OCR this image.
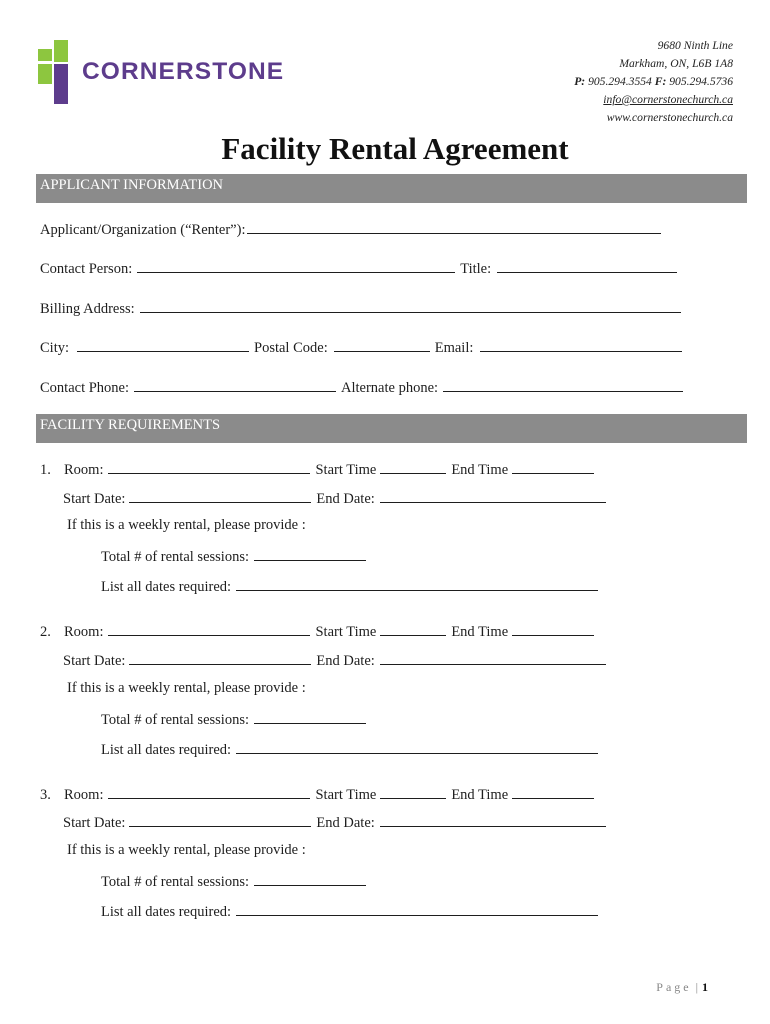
CORNERSTONE
9680 Ninth Line
Markham, ON, L6B 1A8
P: 905.294.3554 F: 905.294.5736
info@cornerstonechurch.ca
www.cornerstonechurch.ca
Facility Rental Agreement
APPLICANT INFORMATION
Applicant/Organization (“Renter”):
Contact Person:	Title:
Billing Address:
City:	Postal Code:	Email:
Contact Phone:	Alternate phone:
FACILITY REQUIREMENTS
1. Room:	Start Time	End Time
Start Date:	End Date:
If this is a weekly rental, please provide :
Total # of rental sessions:
List all dates required:
2. Room:	Start Time	End Time
Start Date:	End Date:
If this is a weekly rental, please provide :
Total # of rental sessions:
List all dates required:
3. Room:	Start Time	End Time
Start Date:	End Date:
If this is a weekly rental, please provide :
Total # of rental sessions:
List all dates required:
Page | 1
